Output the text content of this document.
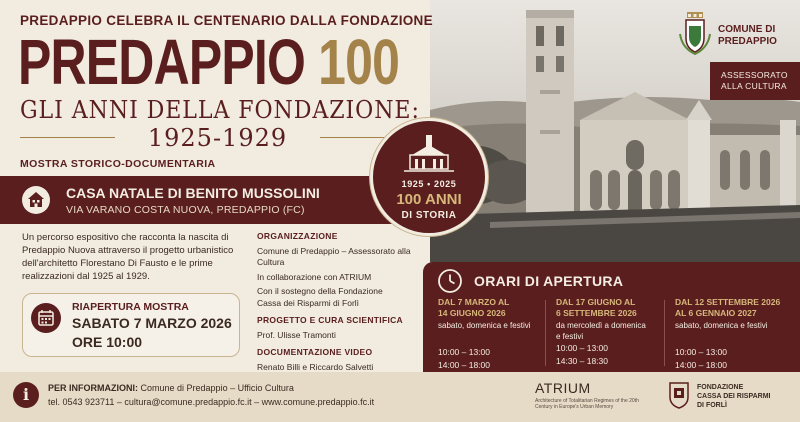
COMUNE DI
PREDAPPIO
ASSESSORATO
ALLA CULTURA
PREDAPPIO CELEBRA IL CENTENARIO DALLA FONDAZIONE
PREDAPPIO 100
GLI ANNI DELLA FONDAZIONE:
1925-1929
MOSTRA STORICO-DOCUMENTARIA
CASA NATALE DI BENITO MUSSOLINI
VIA VARANO COSTA NUOVA, PREDAPPIO (FC)
1925 • 2025
100 ANNI
DI STORIA
Un percorso espositivo che racconta la nascita di Predappio Nuova attraverso il progetto urbanistico dell'architetto Florestano Di Fausto e le prime realizzazioni dal 1925 al 1929.
RIAPERTURA MOSTRA
SABATO 7 MARZO 2026
ORE 10:00
ORGANIZZAZIONE
Comune di Predappio – Assessorato alla Cultura
In collaborazione con ATRIUM
Con il sostegno della Fondazione Cassa dei Risparmi di Forlì
PROGETTO E CURA SCIENTIFICA
Prof. Ulisse Tramonti
DOCUMENTAZIONE VIDEO
Renato Billi e Riccardo Salvetti
ORARI DI APERTURA
DAL 7 MARZO AL
14 GIUGNO 2026
sabato, domenica e festivi
10:00 – 13:00
14:00 – 18:00
DAL 17 GIUGNO AL
6 SETTEMBRE 2026
da mercoledì a domenica
e festivi
10:00 – 13:00
14:30 – 18:30
DAL 12 SETTEMBRE 2026
AL 6 GENNAIO 2027
sabato, domenica e festivi
10:00 – 13:00
14:00 – 18:00
i	PER INFORMAZIONI: Comune di Predappio – Ufficio Cultura
tel. 0543 923711 – cultura@comune.predappio.fc.it – www.comune.predappio.fc.it
ATRIUM
Architecture of Totalitarian Regimes of the 20th Century in Europe's Urban Memory
FONDAZIONE
CASSA DEI RISPARMI
DI FORLÌ
